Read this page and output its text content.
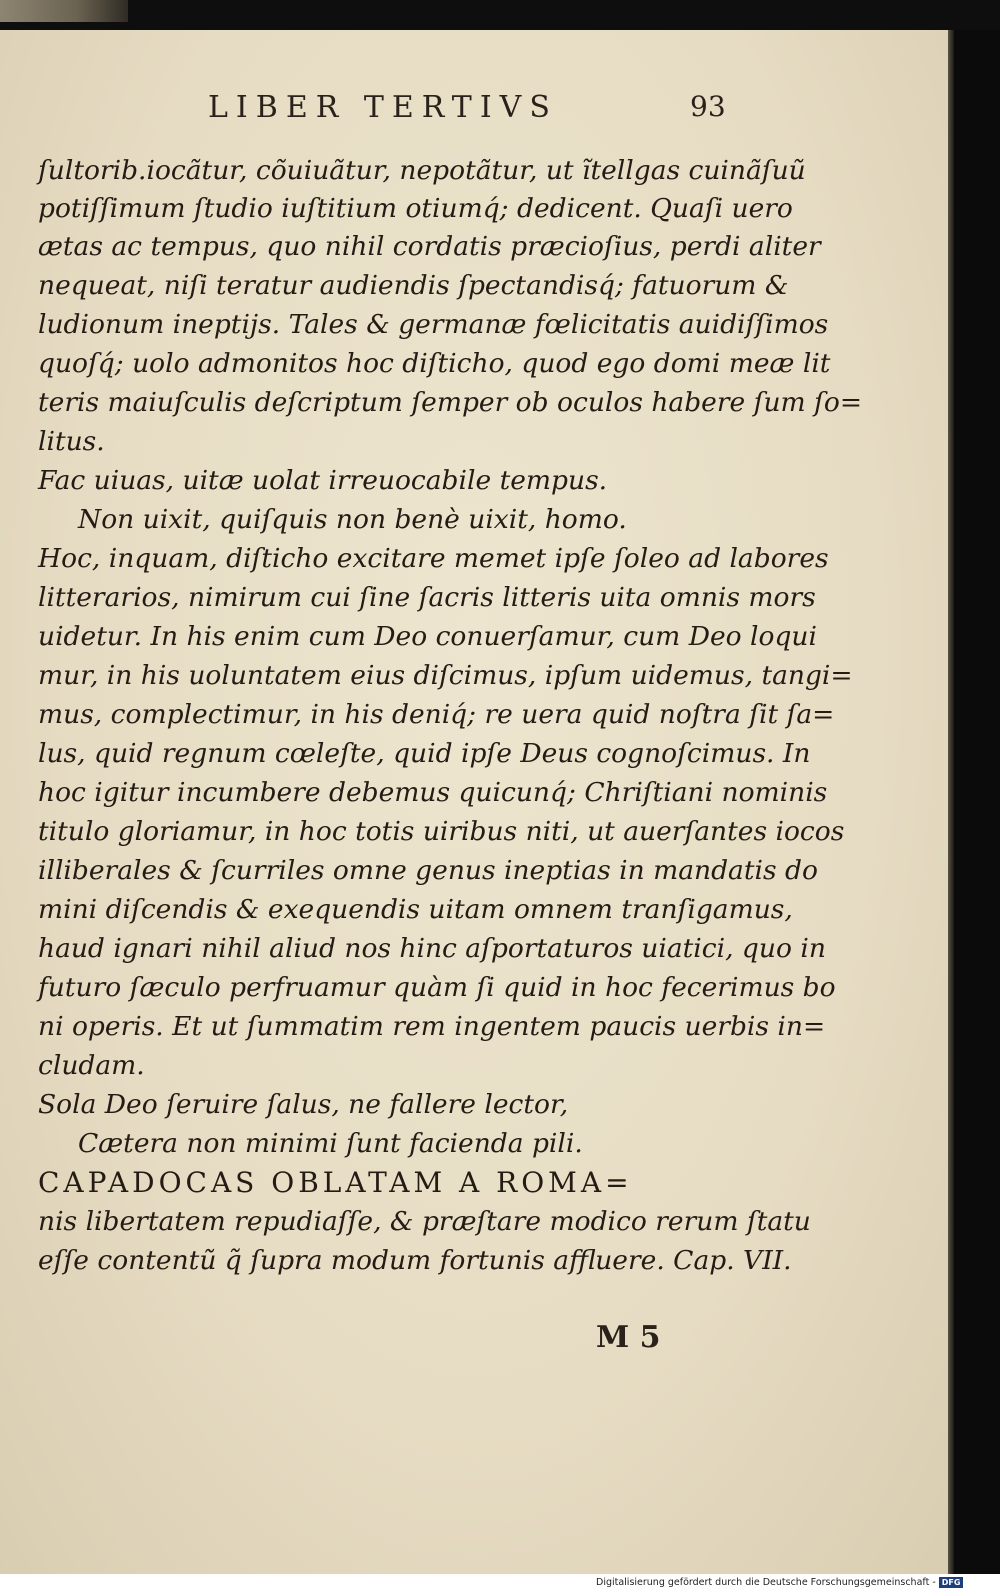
LIBER TERTIVS	93
ſultorib.iocãtur, cõuiuãtur, nepotãtur, ut ĩtellgas cuinãſuũ
potiſſimum ſtudio iuſtitium otiumq́; dedicent. Quaſi uero
ætas ac tempus, quo nihil cordatis præcioſius, perdi aliter
nequeat, niſi teratur audiendis ſpectandisq́; fatuorum &
ludionum ineptijs. Tales & germanæ fœlicitatis auidiſſimos
quoſq́; uolo admonitos hoc diſticho, quod ego domi meæ lit
teris maiuſculis deſcriptum ſemper ob oculos habere ſum ſo=
litus.
Fac uiuas, uitæ uolat irreuocabile tempus.
Non uixit, quiſquis non benè uixit, homo.
Hoc, inquam, diſticho excitare memet ipſe ſoleo ad labores
litterarios, nimirum cui ſine ſacris litteris uita omnis mors
uidetur. In his enim cum Deo conuerſamur, cum Deo loqui
mur, in his uoluntatem eius diſcimus, ipſum uidemus, tangi=
mus, complectimur, in his deniq́; re uera quid noſtra ſit ſa=
lus, quid regnum cœleſte, quid ipſe Deus cognoſcimus. In
hoc igitur incumbere debemus quicunq́; Chriſtiani nominis
titulo gloriamur, in hoc totis uiribus niti, ut auerſantes iocos
illiberales & ſcurriles omne genus ineptias in mandatis do
mini diſcendis & exequendis uitam omnem tranſigamus,
haud ignari nihil aliud nos hinc aſportaturos uiatici, quo in
futuro ſæculo perfruamur quàm ſi quid in hoc fecerimus bo
ni operis. Et ut ſummatim rem ingentem paucis uerbis in=
cludam.
Sola Deo ſeruire ſalus, ne fallere lector,
Cætera non minimi ſunt facienda pili.
CAPADOCAS OBLATAM A ROMA=
nis libertatem repudiaſſe, & præſtare modico rerum ſtatu
eſſe contentũ q̃ ſupra modum fortunis affluere. Cap. VII.
M 5
Digitalisierung gefördert durch die Deutsche Forschungsgemeinschaft - DFG
